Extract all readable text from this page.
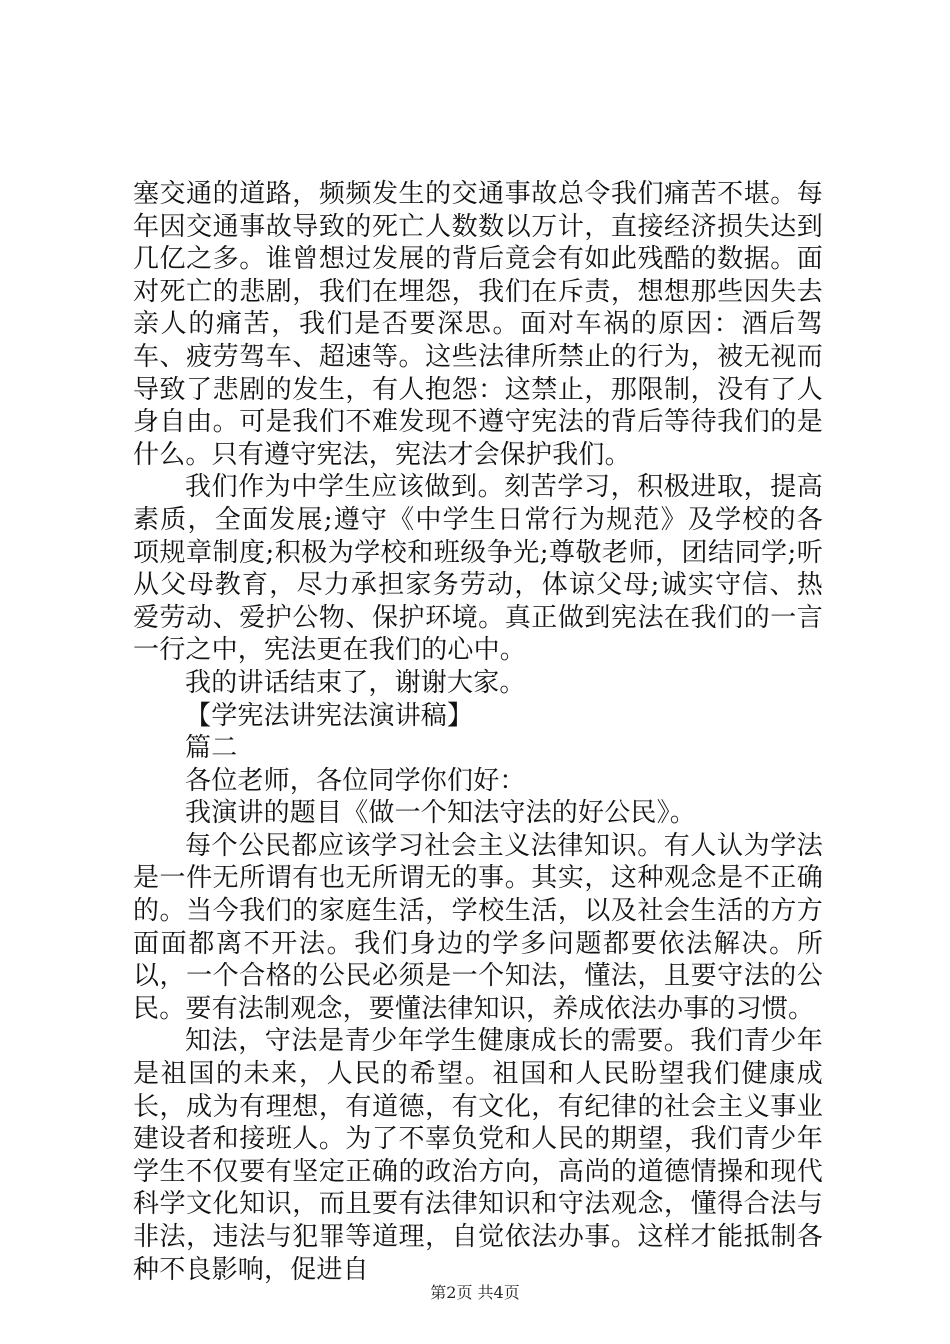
塞交通的道路，频频发生的交通事故总令我们痛苦不堪。每年因交通事故导致的死亡人数数以万计，直接经济损失达到几亿之多。谁曾想过发展的背后竟会有如此残酷的数据。面对死亡的悲剧，我们在埋怨，我们在斥责，想想那些因失去亲人的痛苦，我们是否要深思。面对车祸的原因：酒后驾车、疲劳驾车、超速等。这些法律所禁止的行为，被无视而导致了悲剧的发生，有人抱怨：这禁止，那限制，没有了人身自由。可是我们不难发现不遵守宪法的背后等待我们的是什么。只有遵守宪法，宪法才会保护我们。

我们作为中学生应该做到。刻苦学习，积极进取，提高素质，全面发展;遵守《中学生日常行为规范》及学校的各项规章制度;积极为学校和班级争光;尊敬老师，团结同学;听从父母教育，尽力承担家务劳动，体谅父母;诚实守信、热爱劳动、爱护公物、保护环境。真正做到宪法在我们的一言一行之中，宪法更在我们的心中。

我的讲话结束了，谢谢大家。

【学宪法讲宪法演讲稿】

篇二

各位老师，各位同学你们好：

我演讲的题目《做一个知法守法的好公民》。

每个公民都应该学习社会主义法律知识。有人认为学法是一件无所谓有也无所谓无的事。其实，这种观念是不正确的。当今我们的家庭生活，学校生活，以及社会生活的方方面面都离不开法。我们身边的学多问题都要依法解决。所以，一个合格的公民必须是一个知法，懂法，且要守法的公民。要有法制观念，要懂法律知识，养成依法办事的习惯。

知法，守法是青少年学生健康成长的需要。我们青少年是祖国的未来，人民的希望。祖国和人民盼望我们健康成长，成为有理想，有道德，有文化，有纪律的社会主义事业建设者和接班人。为了不辜负党和人民的期望，我们青少年学生不仅要有坚定正确的政治方向，高尚的道德情操和现代科学文化知识，而且要有法律知识和守法观念，懂得合法与非法，违法与犯罪等道理，自觉依法办事。这样才能抵制各种不良影响，促进自

第2页 共4页
